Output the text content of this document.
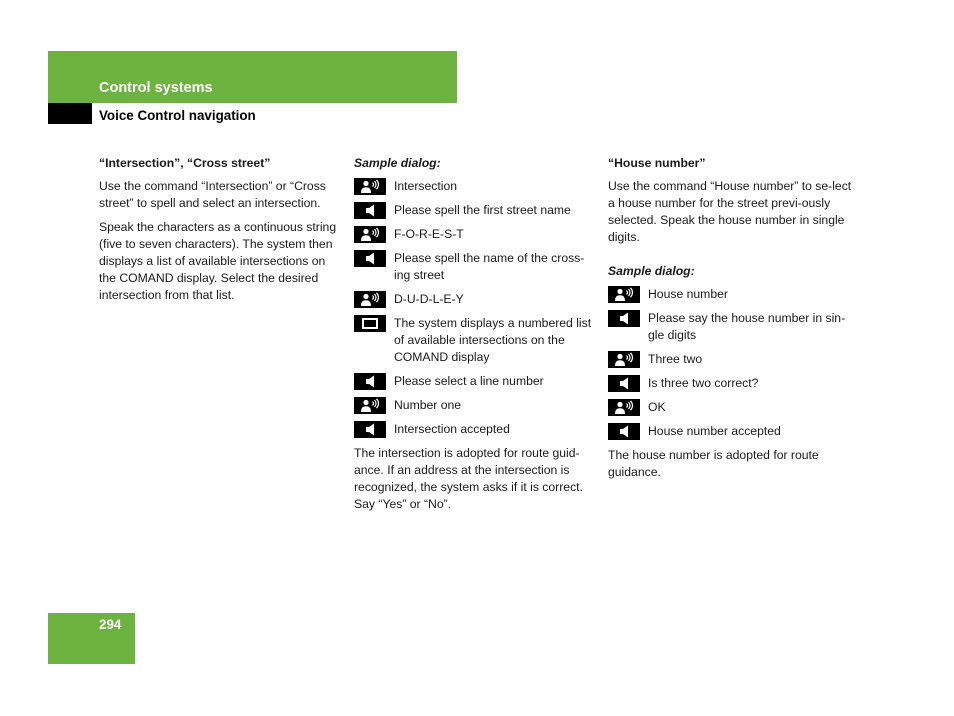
Control systems
Voice Control navigation
“Intersection”, “Cross street”

Use the command “Intersection” or “Cross street” to spell and select an intersection.

Speak the characters as a continuous string (five to seven characters). The system then displays a list of available intersections on the COMAND display. Select the desired intersection from that list.

Sample dialog:
Intersection
Please spell the first street name
F-O-R-E-S-T
Please spell the name of the cross-ing street
D-U-D-L-E-Y
The system displays a numbered list of available intersections on the COMAND display
Please select a line number
Number one
Intersection accepted

The intersection is adopted for route guid-ance. If an address at the intersection is recognized, the system asks if it is correct. Say “Yes” or “No”.

“House number”

Use the command “House number” to se-lect a house number for the street previ-ously selected. Speak the house number in single digits.

Sample dialog:
House number
Please say the house number in sin-gle digits
Three two
Is three two correct?
OK
House number accepted

The house number is adopted for route guidance.

294
